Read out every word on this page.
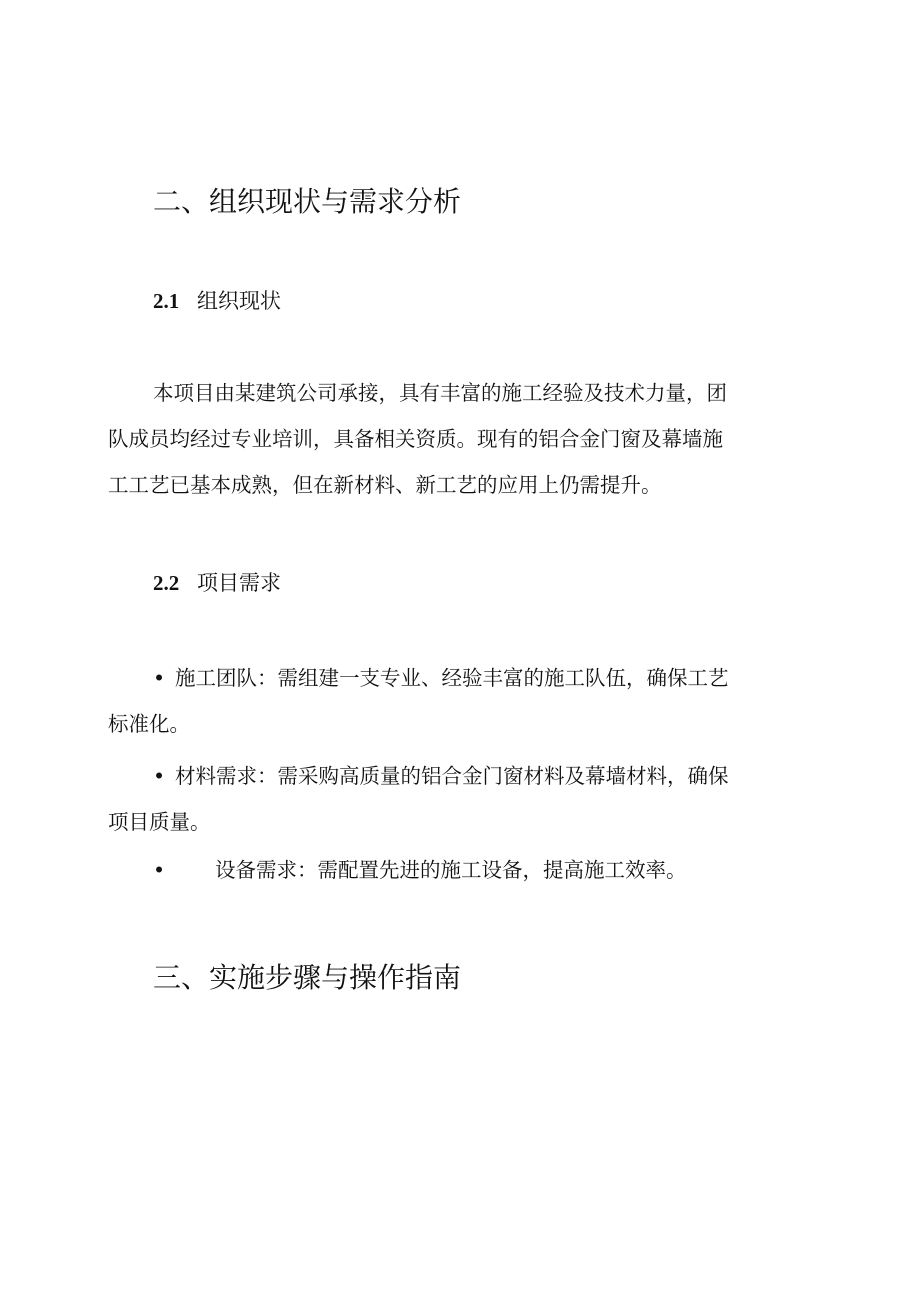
二、组织现状与需求分析
2.1 组织现状
本项目由某建筑公司承接，具有丰富的施工经验及技术力量，团
队成员均经过专业培训，具备相关资质。现有的铝合金门窗及幕墙施
工工艺已基本成熟，但在新材料、新工艺的应用上仍需提升。
2.2 项目需求
• 施工团队：需组建一支专业、经验丰富的施工队伍，确保工艺
标准化。
• 材料需求：需采购高质量的铝合金门窗材料及幕墙材料，确保
项目质量。
• 设备需求：需配置先进的施工设备，提高施工效率。
三、实施步骤与操作指南
